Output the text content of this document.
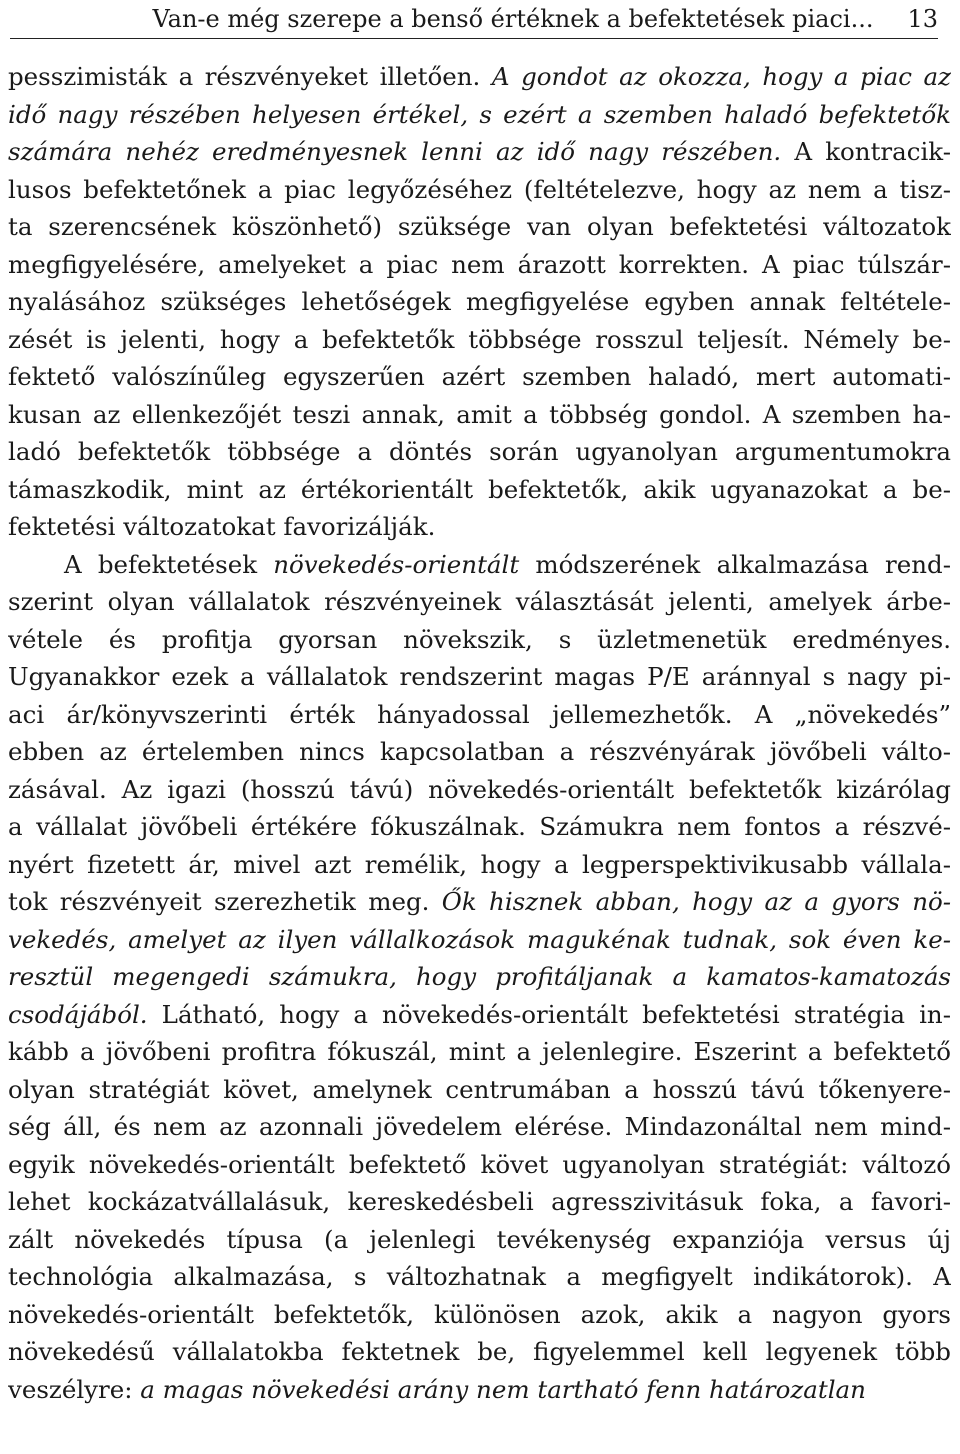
Van-e még szerepe a benső értéknek a befektetések piaci... 13
pesszimisták a részvényeket illetően. A gondot az okozza, hogy a piac az
idő nagy részében helyesen értékel, s ezért a szemben haladó befektetők
számára nehéz eredményesnek lenni az idő nagy részében. A kontracik-
lusos befektetőnek a piac legyőzéséhez (feltételezve, hogy az nem a tisz-
ta szerencsének köszönhető) szüksége van olyan befektetési változatok
megfigyelésére, amelyeket a piac nem árazott korrekten. A piac túlszár-
nyalásához szükséges lehetőségek megfigyelése egyben annak feltétele-
zését is jelenti, hogy a befektetők többsége rosszul teljesít. Némely be-
fektető valószínűleg egyszerűen azért szemben haladó, mert automati-
kusan az ellenkezőjét teszi annak, amit a többség gondol. A szemben ha-
ladó befektetők többsége a döntés során ugyanolyan argumentumokra
támaszkodik, mint az értékorientált befektetők, akik ugyanazokat a be-
fektetési változatokat favorizálják.
A befektetések növekedés-orientált módszerének alkalmazása rend-
szerint olyan vállalatok részvényeinek választását jelenti, amelyek árbe-
vétele és profitja gyorsan növekszik, s üzletmenetük eredményes.
Ugyanakkor ezek a vállalatok rendszerint magas P/E aránnyal s nagy pi-
aci ár/könyvszerinti érték hányadossal jellemezhetők. A „növekedés”
ebben az értelemben nincs kapcsolatban a részvényárak jövőbeli válto-
zásával. Az igazi (hosszú távú) növekedés-orientált befektetők kizárólag
a vállalat jövőbeli értékére fókuszálnak. Számukra nem fontos a részvé-
nyért fizetett ár, mivel azt remélik, hogy a legperspektivikusabb vállala-
tok részvényeit szerezhetik meg. Ők hisznek abban, hogy az a gyors nö-
vekedés, amelyet az ilyen vállalkozások magukénak tudnak, sok éven ke-
resztül megengedi számukra, hogy profitáljanak a kamatos-kamatozás
csodájából. Látható, hogy a növekedés-orientált befektetési stratégia in-
kább a jövőbeni profitra fókuszál, mint a jelenlegire. Eszerint a befektető
olyan stratégiát követ, amelynek centrumában a hosszú távú tőkenyere-
ség áll, és nem az azonnali jövedelem elérése. Mindazonáltal nem mind-
egyik növekedés-orientált befektető követ ugyanolyan stratégiát: változó
lehet kockázatvállalásuk, kereskedésbeli agresszivitásuk foka, a favori-
zált növekedés típusa (a jelenlegi tevékenység expanziója versus új
technológia alkalmazása, s változhatnak a megfigyelt indikátorok). A
növekedés-orientált befektetők, különösen azok, akik a nagyon gyors
növekedésű vállalatokba fektetnek be, figyelemmel kell legyenek több
veszélyre: a magas növekedési arány nem tartható fenn határozatlan
